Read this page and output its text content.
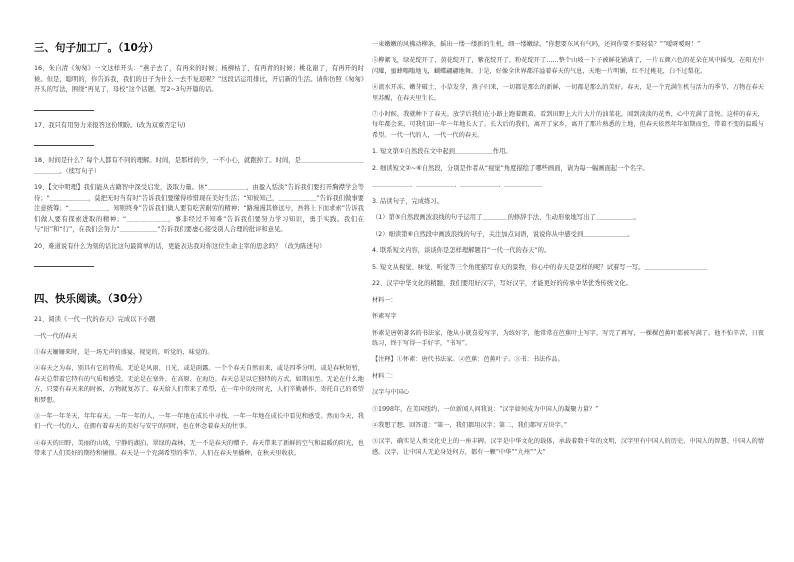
三、句子加工厂。（10分）
16、朱自清《匆匆》一文这样开头：“燕子去了，有再来的时候；杨柳枯了，有再青的时候；桃花谢了，有再开的时候。但是，聪明的，你告诉我，我们的日子为什么一去不复返呢？”这段话运用排比，开启新的生活。请你仿照《匆匆》开头的写法，围绕“再见了，母校”这个话题，写2~3句开篇的话。
17、我只有用努力来报答这份期盼。(改为双重否定句)
18、时间是什么？每个人都有不同的理解。时间，是那样的少，一不小心，就跑掉了。时间，是＿＿＿＿＿＿＿＿＿＿＿＿＿＿。（续写句子）
19、【文中明理】我们能从古籍智中深受启发，汲取力量。休“＿＿＿＿＿＿，由盈入恬淡”告诉我们要打开胸襟学会等待；“＿＿＿＿＿＿，莫把无时当有时”告诉我们要懂得珍惜现在美好生活；“知彼知己，＿＿＿＿＿＿”告诉我们做事要注意统筹；“＿＿＿＿＿＿，知则终身”告诉我们做人要有吃苦耐劳的精神；“路漫漫其修远兮，吾将上下而求索”告诉我们做人要有探索进取的精神；“＿＿＿＿＿＿，事非经过不知难”告诉我们要努力学习知识，勇于实践。我们在与“旧”和“行”，在我们会努力“＿＿＿＿＿＿”告诉我们要虚心接受别人合理的批评和意见。
20、难道说有什么为刻的话比这句最简单的话，更能表达我对你这位生命主宰的思念吗？（改为陈述句）
四、快乐阅读。（30分）
21、阅读《一代一代的春天》完成以下小题
一代一代的春天
①春天姍姍来时，是一场无声的盛宴，视觉的，听觉的，味觉的。
②春天之为春，别具有它的特质。无论是风雨、日光、或是雨露。一个个春天自然而来，或是四季分明，或是春秋短暂，春天总带着它特有的气质和感受，无论是在塞外、在高原、在海边。春天总是以它独特的方式，如期而至。无论在什么地方，只要有春天来的时候，万物就复苏了。春天给人们带来了希望，在一年中的好时光，人们辛勤耕作，寄托自己的希望和梦想。
③一年一年冬天，年年春天。一年一年的人，一年一年地在成长中寻找，一年一年地在成长中看见和感受。然而今天，我们一代一代的人，在拥有着春天的美好与安宁的同时，也在怀念着春天的往事。
④春天的田野，美丽的山坡，宁静的湖泊，翠绿的森林，无一不是春天的赠予。春天带来了新鲜的空气和温暖的阳光，也带来了人们美好的期待和憧憬。春天是一个充满希望的季节，人们在春天里播种，在秋天里收获。
一束嫩嫩的风拂动柳条，摇出一缕一缕新的生机，细一缕嫩绿。“你想要东风有气吗，还问你要不要轻装？”“嗳呀嗳呀！”
⑤柳絮飞，绿花绽开了，黄花绽开了，紫花绽开了，粉花绽开了……整个山坡一下子被鲜花铺满了，一片五颜六色的花朵在风中摇曳，在阳光中闪耀，蜜蜂嗡嗡地飞，蝴蝶翩翩地舞。于是，好像全世界都洋溢着春天的气息，天地一片明媚，红不过桃花，白不过梨花。
⑥流水开冻，嫩芽破土，小草发芽，燕子归来，一切都是那么的新鲜，一切都是那么的美好。春天，是一个充满生机与活力的季节，万物在春天里苏醒，在春天里生长。
⑦小时候，我就种下了春天。放学后我们在小路上跑着跳着，看到田野上大片大片的油菜花，闻到淡淡的花香，心中充满了喜悦。这样的春天，每年都会来，可我们却一年一年地长大了。长大后的我们，离开了家乡，离开了那片熟悉的土地，但春天依然年年如期而至，带着不变的温暖与希望。一代一代的人，一代一代的春天。
1. 短文第①自然段在文中起到＿＿＿＿＿＿作用。
2. 细读短文②~⑥自然段，分别是作者从“视觉”角度描绘了哪些画面，请为每一幅画面起一个名字。
＿＿＿＿＿＿、＿＿＿＿＿＿、＿＿＿＿＿＿、＿＿＿＿＿＿
3. 品读句子，完成练习。
（1）第⑤自然段画波浪线的句子运用了＿＿＿＿的修辞手法，生动形象地写出了＿＿＿＿＿＿。
（2）细读第⑥自然段中画波浪线的句子，关注加点词语，说说你从中感受到＿＿＿＿＿＿＿。
4. 联系短文内容，谈谈你是怎样理解题目“一代一代的春天”的。
5. 短文从视觉、味觉、听觉等三个角度描写春天的景物，你心中的春天是怎样的呢？试着写一写。＿＿＿＿＿＿＿＿＿＿
22、汉字中华文化的精髓，我们要用好汉字，写好汉字，才能更好的传承中华优秀传统文化。
材料一：
怀素写字
怀素是唐朝著名的书法家，他从小就喜爱写字，为练好字，他常常在芭蕉叶上写字，写完了再写，一棵棵芭蕉叶都被写满了。他不怕辛苦，日夜练习，终于写得一手好字，“书写”。
【注释】①怀素：唐代书法家。②芭蕉：芭蕉叶子。③书：书法作品。
材料二：
汉字与中国心
①1998年，在美国纽约，一位新闻人问我说：“汉字如何成为中国人的凝聚力量？”
②我想了想，回答道：“第一，我们都用汉字；第二，我们都写方块字。”
③汉字，确实是人类文化史上的一座丰碑。汉字是中华文化的载体，承载着数千年的文明，汉字里有中国人的历史、中国人的智慧、中国人的情感。汉字，让中国人无论身处何方，都有一颗“中华”“九州”“大”
